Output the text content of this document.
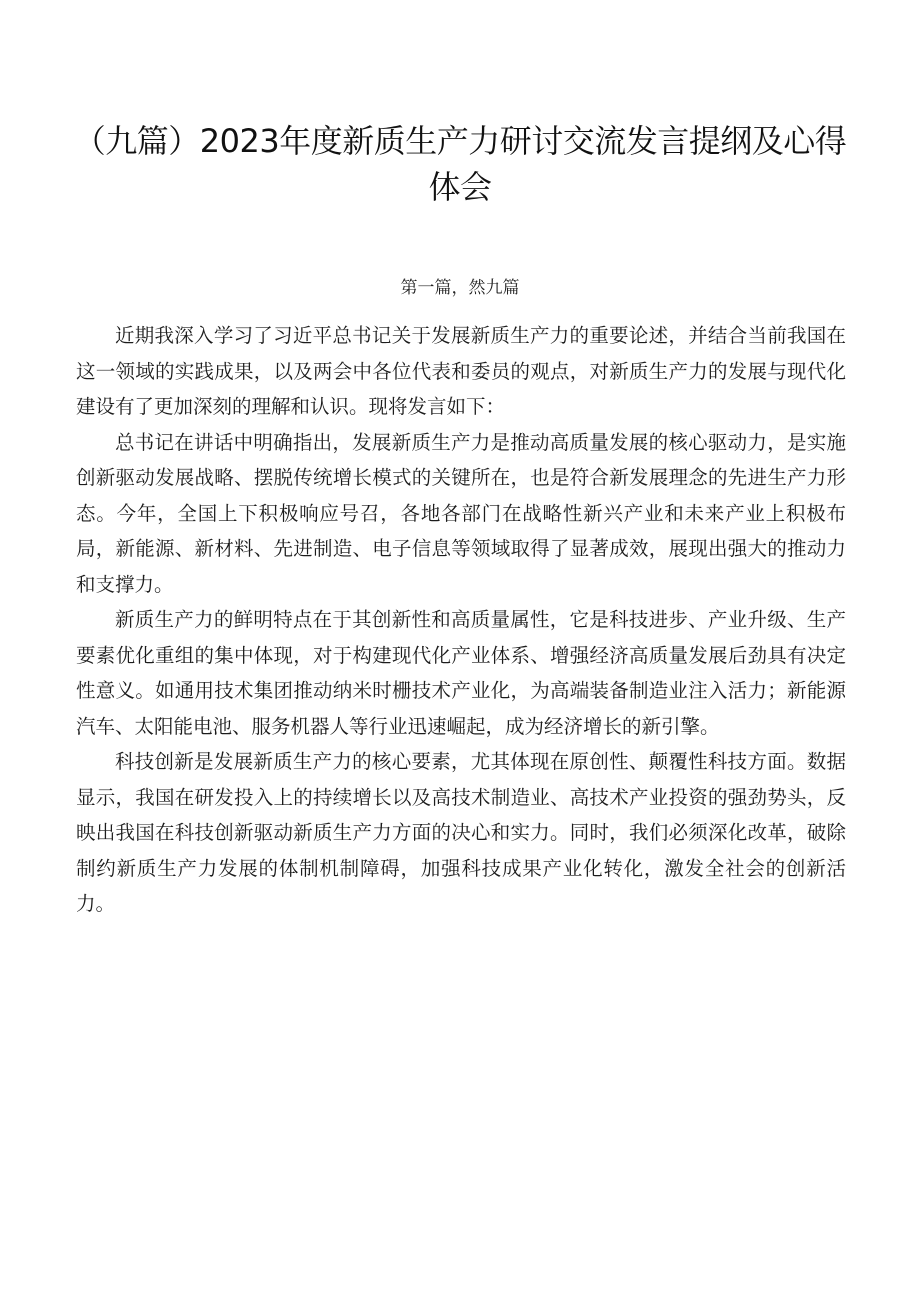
（九篇）2023年度新质生产力研讨交流发言提纲及心得体会
第一篇，然九篇

近期我深入学习了习近平总书记关于发展新质生产力的重要论述，并结合当前我国在这一领域的实践成果，以及两会中各位代表和委员的观点，对新质生产力的发展与现代化建设有了更加深刻的理解和认识。现将发言如下：

总书记在讲话中明确指出，发展新质生产力是推动高质量发展的核心驱动力，是实施创新驱动发展战略、摆脱传统增长模式的关键所在，也是符合新发展理念的先进生产力形态。今年，全国上下积极响应号召，各地各部门在战略性新兴产业和未来产业上积极布局，新能源、新材料、先进制造、电子信息等领域取得了显著成效，展现出强大的推动力和支撑力。

新质生产力的鲜明特点在于其创新性和高质量属性，它是科技进步、产业升级、生产要素优化重组的集中体现，对于构建现代化产业体系、增强经济高质量发展后劲具有决定性意义。如通用技术集团推动纳米时栅技术产业化，为高端装备制造业注入活力；新能源汽车、太阳能电池、服务机器人等行业迅速崛起，成为经济增长的新引擎。

科技创新是发展新质生产力的核心要素，尤其体现在原创性、颠覆性科技方面。数据显示，我国在研发投入上的持续增长以及高技术制造业、高技术产业投资的强劲势头，反映出我国在科技创新驱动新质生产力方面的决心和实力。同时，我们必须深化改革，破除制约新质生产力发展的体制机制障碍，加强科技成果产业化转化，激发全社会的创新活力。
